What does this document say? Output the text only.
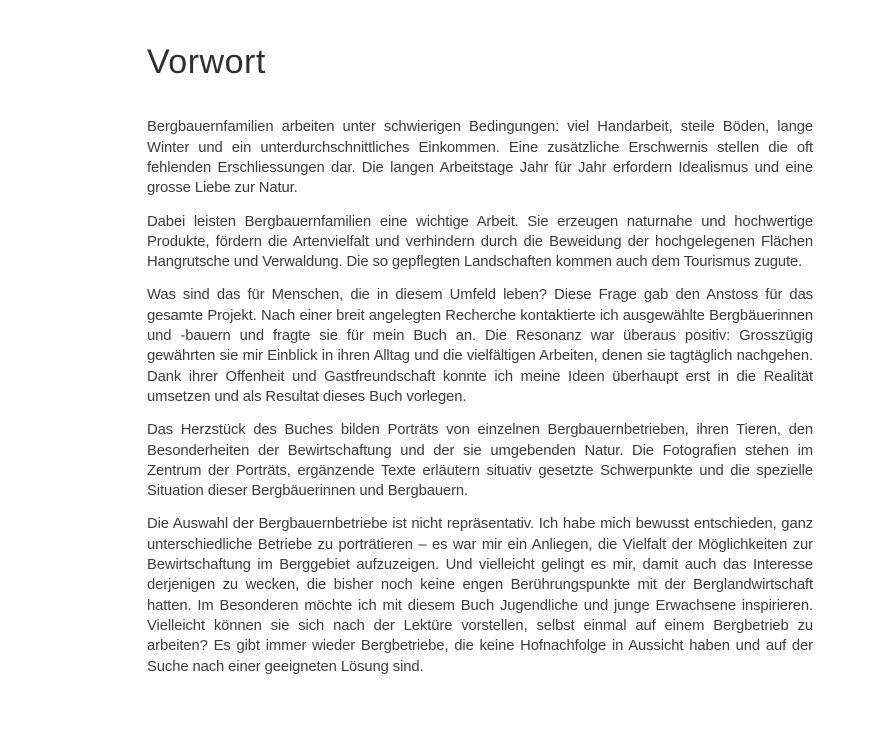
Vorwort

Bergbauernfamilien arbeiten unter schwierigen Bedingungen: viel Handarbeit, steile Böden, lange Winter und ein unterdurchschnittliches Einkommen. Eine zusätzliche Erschwernis stellen die oft fehlenden Erschliessungen dar. Die langen Arbeitstage Jahr für Jahr erfordern Idealismus und eine grosse Liebe zur Natur.

Dabei leisten Bergbauernfamilien eine wichtige Arbeit. Sie erzeugen naturnahe und hochwertige Produkte, fördern die Artenvielfalt und verhindern durch die Beweidung der hochgelegenen Flächen Hangrutsche und Verwaldung. Die so gepflegten Landschaften kommen auch dem Tourismus zugute.

Was sind das für Menschen, die in diesem Umfeld leben? Diese Frage gab den Anstoss für das gesamte Projekt. Nach einer breit angelegten Recherche kontaktierte ich ausgewählte Bergbäuerinnen und -bauern und fragte sie für mein Buch an. Die Resonanz war überaus positiv: Grosszügig gewährten sie mir Einblick in ihren Alltag und die vielfältigen Arbeiten, denen sie tagtäglich nachgehen. Dank ihrer Offenheit und Gastfreundschaft konnte ich meine Ideen überhaupt erst in die Realität umsetzen und als Resultat dieses Buch vorlegen.

Das Herzstück des Buches bilden Porträts von einzelnen Bergbauernbetrieben, ihren Tieren, den Besonderheiten der Bewirtschaftung und der sie umgebenden Natur. Die Fotografien stehen im Zentrum der Porträts, ergänzende Texte erläutern situativ gesetzte Schwerpunkte und die spezielle Situation dieser Bergbäuerinnen und Bergbauern.

Die Auswahl der Bergbauernbetriebe ist nicht repräsentativ. Ich habe mich bewusst entschieden, ganz unterschiedliche Betriebe zu porträtieren – es war mir ein Anliegen, die Vielfalt der Möglichkeiten zur Bewirtschaftung im Berggebiet aufzuzeigen. Und vielleicht gelingt es mir, damit auch das Interesse derjenigen zu wecken, die bisher noch keine engen Berührungspunkte mit der Berglandwirtschaft hatten. Im Besonderen möchte ich mit diesem Buch Jugendliche und junge Erwachsene inspirieren. Vielleicht können sie sich nach der Lektüre vorstellen, selbst einmal auf einem Bergbetrieb zu arbeiten? Es gibt immer wieder Bergbetriebe, die keine Hofnachfolge in Aussicht haben und auf der Suche nach einer geeigneten Lösung sind.
